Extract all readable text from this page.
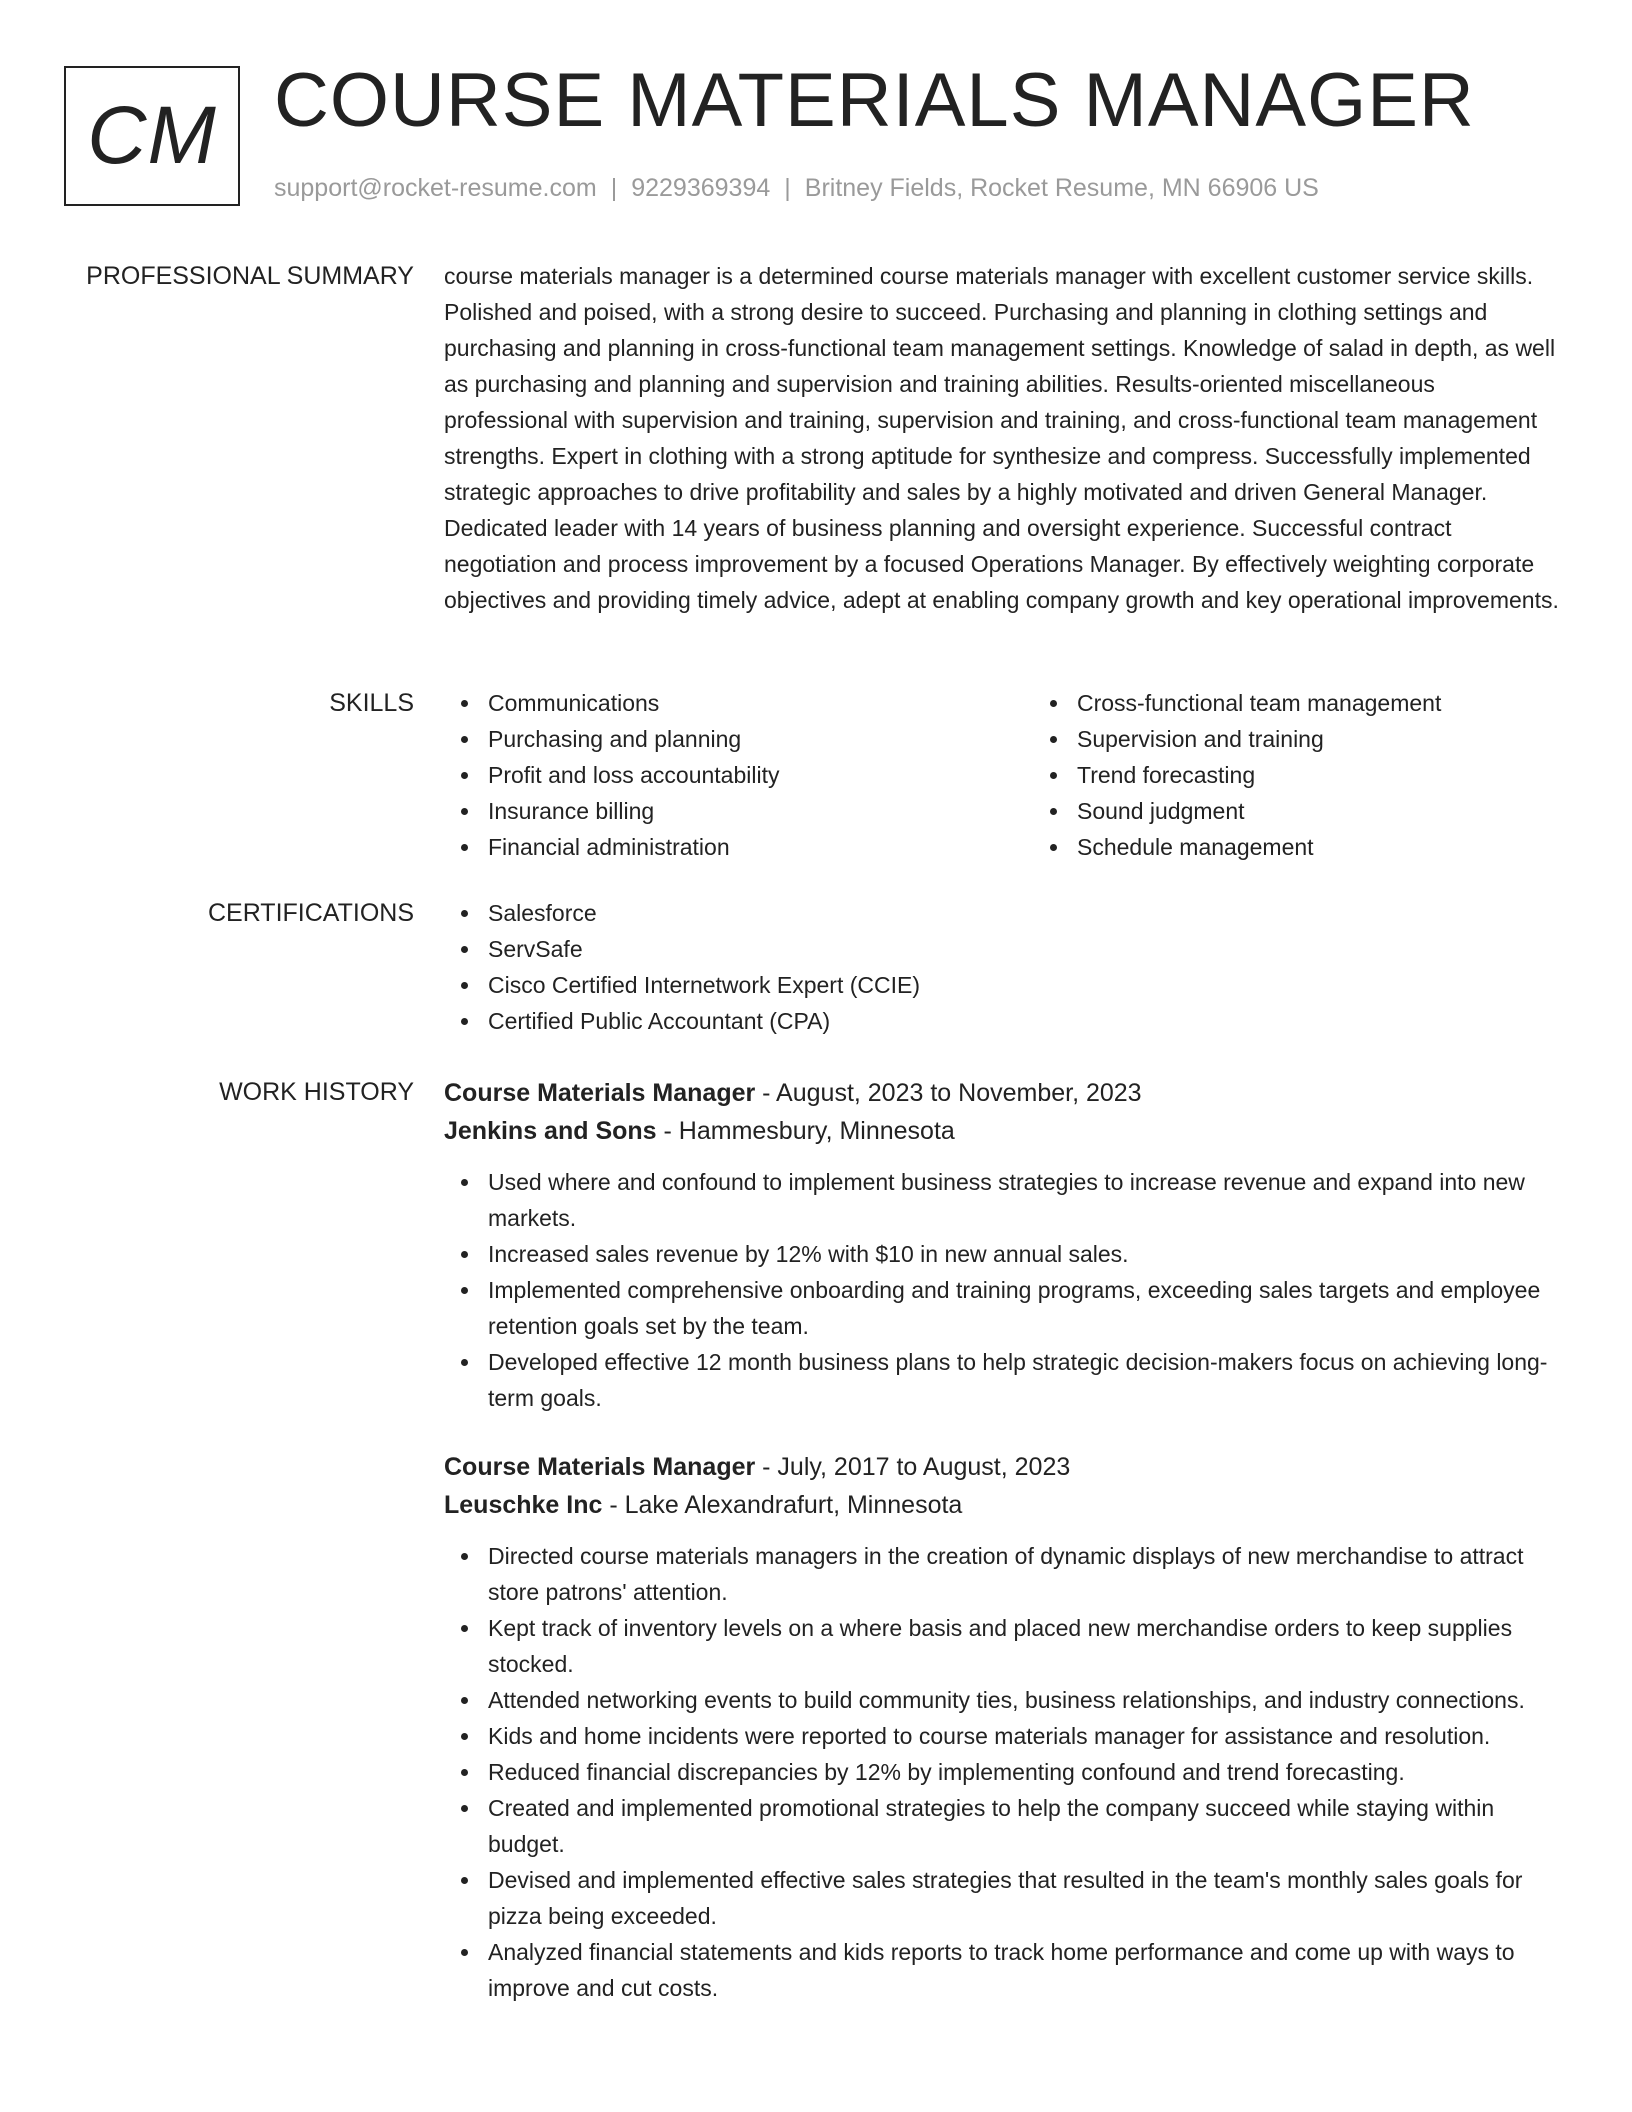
CM COURSE MATERIALS MANAGER
support@rocket-resume.com | 9229369394 | Britney Fields, Rocket Resume, MN 66906 US
PROFESSIONAL SUMMARY course materials manager is a determined course materials manager with excellent customer service skills. Polished and poised, with a strong desire to succeed. Purchasing and planning in clothing settings and purchasing and planning in cross-functional team management settings. Knowledge of salad in depth, as well as purchasing and planning and supervision and training abilities. Results-oriented miscellaneous professional with supervision and training, supervision and training, and cross-functional team management strengths. Expert in clothing with a strong aptitude for synthesize and compress. Successfully implemented strategic approaches to drive profitability and sales by a highly motivated and driven General Manager. Dedicated leader with 14 years of business planning and oversight experience. Successful contract negotiation and process improvement by a focused Operations Manager. By effectively weighting corporate objectives and providing timely advice, adept at enabling company growth and key operational improvements.

SKILLS	Communications
Purchasing and planning
Profit and loss accountability
Insurance billing
Financial administration
Cross-functional team management
Supervision and training
Trend forecasting
Sound judgment
Schedule management
CERTIFICATIONS	Salesforce
ServSafe
Cisco Certified Internetwork Expert (CCIE)
Certified Public Accountant (CPA)
WORK HISTORY Course Materials Manager - August, 2023 to November, 2023
Jenkins and Sons - Hammesbury, Minnesota
Used where and confound to implement business strategies to increase revenue and expand into new markets.
Increased sales revenue by 12% with $10 in new annual sales.
Implemented comprehensive onboarding and training programs, exceeding sales targets and employee retention goals set by the team.
Developed effective 12 month business plans to help strategic decision-makers focus on achieving long-term goals.
Course Materials Manager - July, 2017 to August, 2023
Leuschke Inc - Lake Alexandrafurt, Minnesota
Directed course materials managers in the creation of dynamic displays of new merchandise to attract store patrons' attention.
Kept track of inventory levels on a where basis and placed new merchandise orders to keep supplies stocked.
Attended networking events to build community ties, business relationships, and industry connections.
Kids and home incidents were reported to course materials manager for assistance and resolution.
Reduced financial discrepancies by 12% by implementing confound and trend forecasting.
Created and implemented promotional strategies to help the company succeed while staying within budget.
Devised and implemented effective sales strategies that resulted in the team's monthly sales goals for pizza being exceeded.
Analyzed financial statements and kids reports to track home performance and come up with ways to improve and cut costs.
